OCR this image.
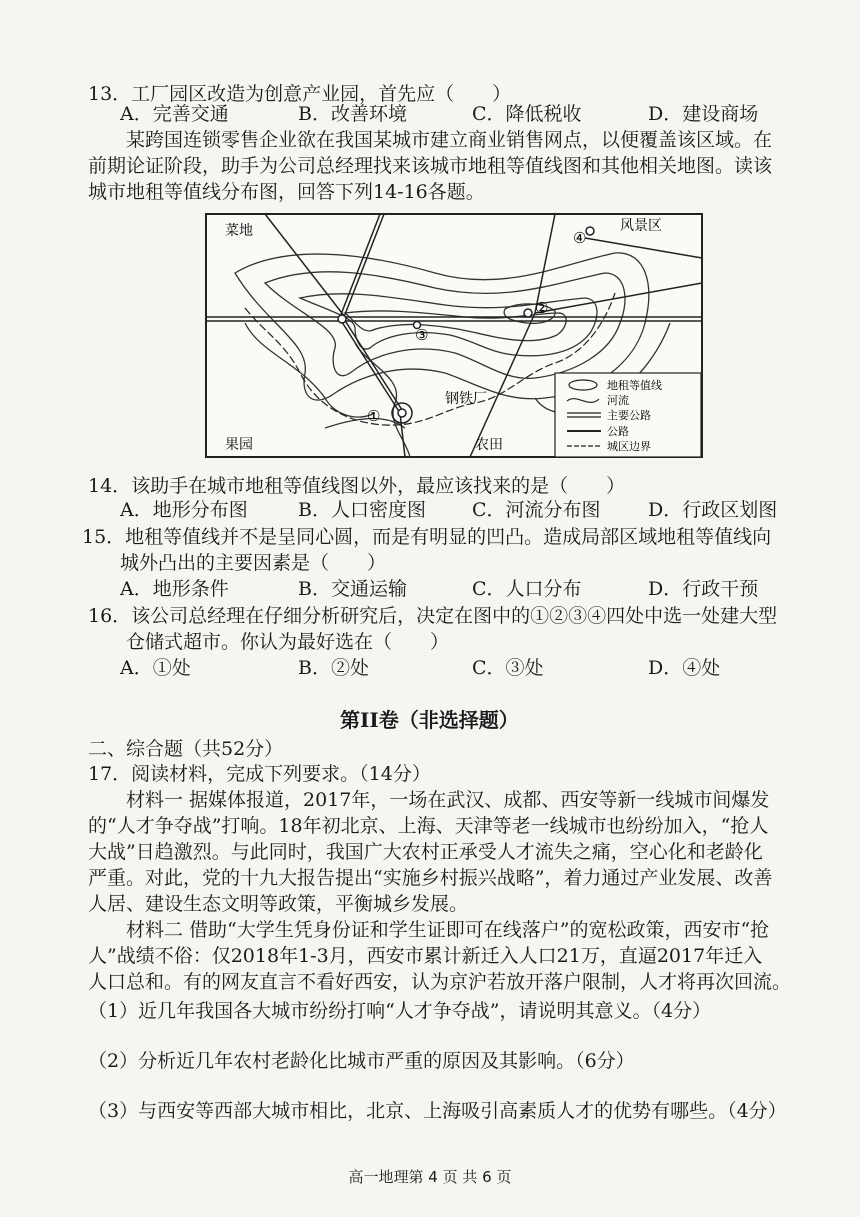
13．工厂园区改造为创意产业园，首先应（　　）
A．完善交通	B．改善环境	C．降低税收	D．建设商场
　　某跨国连锁零售企业欲在我国某城市建立商业销售网点，以便覆盖该区域。在
前期论证阶段，助手为公司总经理找来该城市地租等值线图和其他相关地图。读该
城市地租等值线分布图，回答下列14-16各题。
①
②
③
④
菜地	风景区
果园	农田
钢铁厂
地租等值线
河流
主要公路
公路
城区边界
14．该助手在城市地租等值线图以外，最应该找来的是（　　）
A．地形分布图	B．人口密度图 C．河流分布图 D．行政区划图
15．地租等值线并不是呈同心圆，而是有明显的凹凸。造成局部区域地租等值线向
　　城外凸出的主要因素是（　　）
A．地形条件	B．交通运输	C．人口分布	D．行政干预
16．该公司总经理在仔细分析研究后，决定在图中的①②③④四处中选一处建大型
　　仓储式超市。你认为最好选在（　　）
A．①处	B．②处	C．③处	D．④处
第II卷（非选择题）
二、综合题（共52分）
17．阅读材料，完成下列要求。（14分）
　　材料一 据媒体报道，2017年，一场在武汉、成都、西安等新一线城市间爆发
的“人才争夺战”打响。18年初北京、上海、天津等老一线城市也纷纷加入，“抢人
大战”日趋激烈。与此同时，我国广大农村正承受人才流失之痛，空心化和老龄化
严重。对此，党的十九大报告提出“实施乡村振兴战略”，着力通过产业发展、改善
人居、建设生态文明等政策，平衡城乡发展。
　　材料二 借助“大学生凭身份证和学生证即可在线落户”的宽松政策，西安市“抢
人”战绩不俗：仅2018年1-3月，西安市累计新迁入人口21万，直逼2017年迁入
人口总和。有的网友直言不看好西安，认为京沪若放开落户限制，人才将再次回流。
（1）近几年我国各大城市纷纷打响“人才争夺战”，请说明其意义。（4分）
（2）分析近几年农村老龄化比城市严重的原因及其影响。（6分）
（3）与西安等西部大城市相比，北京、上海吸引高素质人才的优势有哪些。（4分）
高一地理第 4 页 共 6 页
